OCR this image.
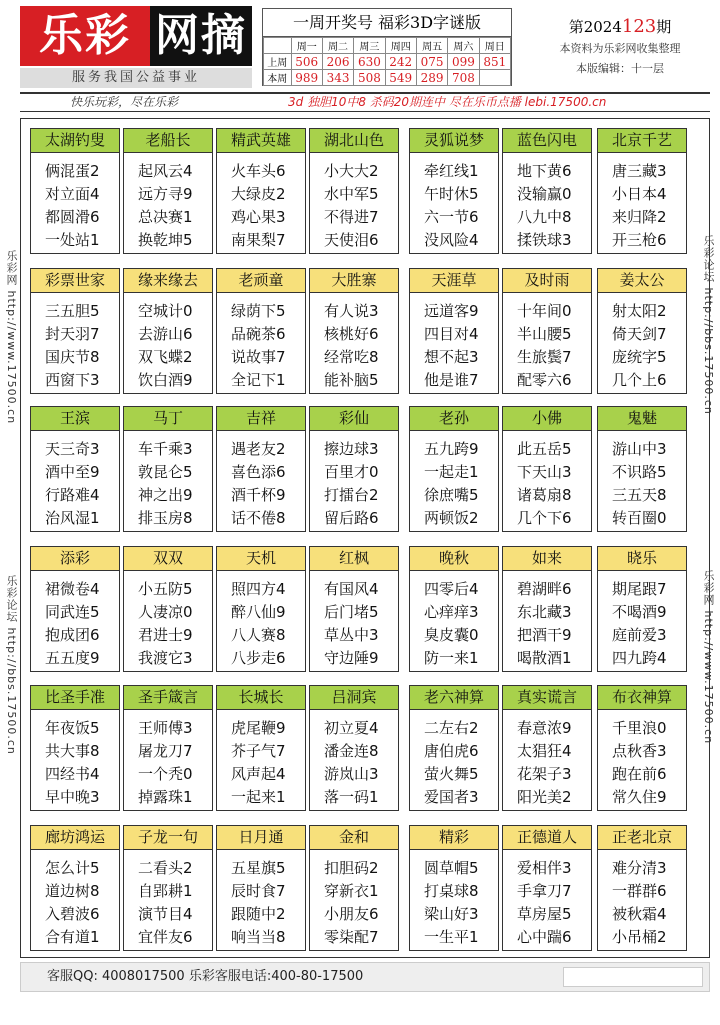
乐彩 网摘
服务我国公益事业
一周开奖号 福彩3D字谜版
	周一	周二	周三	周四	周五	周六	周日
上周	506	206	630	242	075	099	851
本周	989	343	508	549	289	708	
第2024123期
本资料为乐彩网收集整理
本版编辑：十一层
快乐玩彩，尽在乐彩	3d 独胆10中8 杀码20期连中 尽在乐币点播 lebi.17500.cn
乐彩网 http://www.17500.cn
乐彩论坛 http://bbs.17500.cn
乐彩论坛 http://bbs.17500.cn
乐彩网 http://www.17500.cn
太湖钓叟
俩混蛋2
对立面4
都圆滑6
一处站1
老船长
起风云4
远方寻9
总决赛1
换乾坤5
精武英雄
火车头6
大绿皮2
鸡心果3
南果梨7
湖北山色
小大大2
水中军5
不得进7
天使泪6
灵狐说梦
牵红线1
午时休5
六一节6
没风险4
蓝色闪电
地下黄6
没输赢0
八九中8
揉铁球3
北京千艺
唐三藏3
小日本4
来归降2
开三枪6
彩票世家
三五胆5
封天羽7
国庆节8
西窗下3
缘来缘去
空城计0
去游山6
双飞蝶2
饮白酒9
老顽童
绿荫下5
品碗茶6
说故事7
全记下1
大胜寨
有人说3
核桃好6
经常吃8
能补脑5
天涯草
远道客9
四目对4
想不起3
他是谁7
及时雨
十年间0
半山腰5
生旅鬓7
配零六6
姜太公
射太阳2
倚天剑7
庞统字5
几个上6
王滨
天三奇3
酒中至9
行路难4
治风湿1
马丁
车千乘3
敦昆仑5
神之出9
排玉房8
吉祥
遇老友2
喜色添6
酒千杯9
话不倦8
彩仙
擦边球3
百里才0
打擂台2
留后路6
老孙
五九跨9
一起走1
徐庶嘴5
两顿饭2
小佛
此五岳5
下天山3
诸葛扇8
几个下6
鬼魅
游山中3
不识路5
三五天8
转百圈0
添彩
裙微卷4
同武连5
抱成团6
五五度9
双双
小五防5
人凄凉0
君进士9
我渡它3
天机
照四方4
醉八仙9
八人赛8
八步走6
红枫
有国风4
后门堵5
草丛中3
守边陲9
晚秋
四零后4
心痒痒3
臭皮囊0
防一来1
如来
碧湖畔6
东北藏3
把酒干9
喝散酒1
晓乐
期尾跟7
不喝酒9
庭前爱3
四九跨4
比圣手准
年夜饭5
共大事8
四经书4
早中晚3
圣手箴言
王师傅3
屠龙刀7
一个秃0
掉露珠1
长城长
虎尾鞭9
芥子气7
风声起4
一起来1
吕洞宾
初立夏4
潘金连8
游岚山3
落一码1
老六神算
二左右2
唐伯虎6
萤火舞5
爱国者3
真实谎言
春意浓9
太猖狂4
花架子3
阳光美2
布衣神算
千里浪0
点秋香3
跑在前6
常久住9
廊坊鸿运
怎么计5
道边树8
入碧波6
合有道1
子龙一句
二看头2
自郢耕1
演节目4
宜伴友6
日月通
五星旗5
辰时食7
跟随中2
响当当8
金和
扣胆码2
穿新衣1
小朋友6
零柒配7
精彩
圆草帽5
打桌球8
梁山好3
一生平1
正德道人
爱相伴3
手拿刀7
草房屋5
心中踹6
正老北京
难分清3
一群群6
被秋霜4
小吊桶2
客服QQ: 4008017500 乐彩客服电话:400-80-17500
